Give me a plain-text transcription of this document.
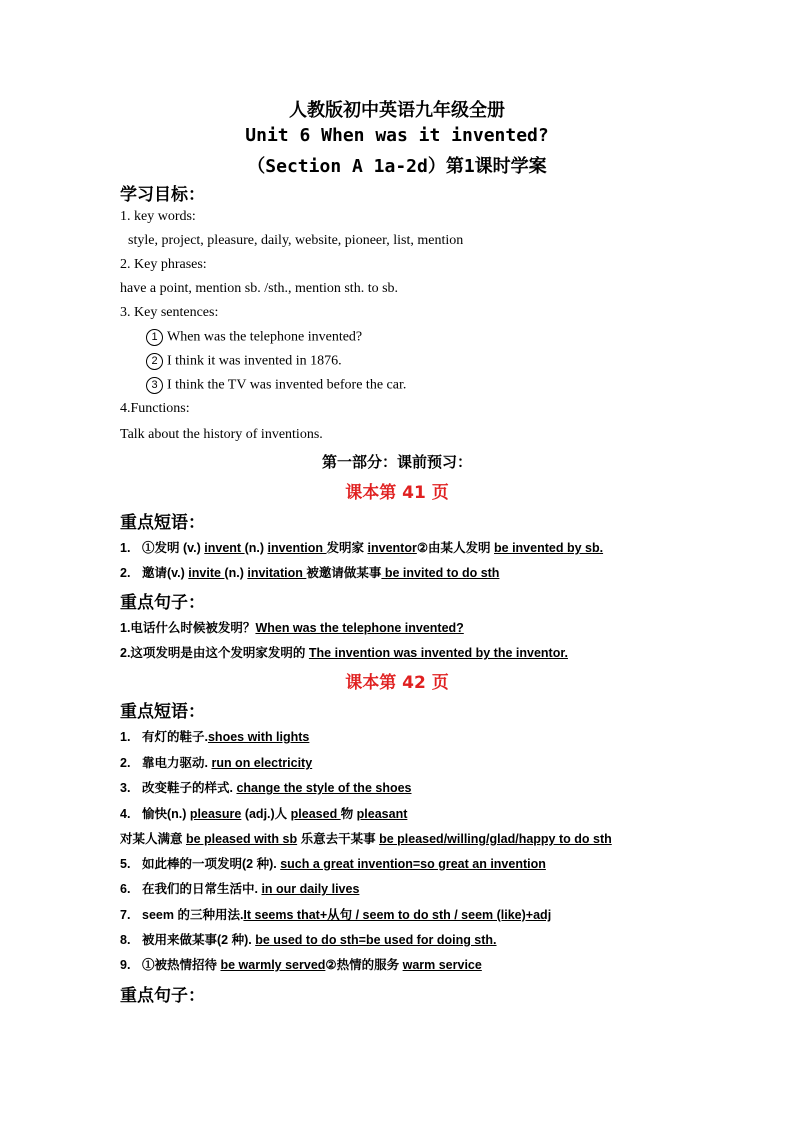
人教版初中英语九年级全册
Unit 6 When was it invented?
（Section A 1a-2d）第1课时学案
学习目标：
1. key words:
style, project, pleasure, daily, website, pioneer, list, mention
2. Key phrases:
have a point, mention sb. /sth., mention sth. to sb.
3. Key sentences:
1 When was the telephone invented?
2 I think it was invented in 1876.
3 I think the TV was invented before the car.
4.Functions:
Talk about the history of inventions.
第一部分：课前预习：
课本第 41 页
重点短语：
1. ①发明 (v.) invent (n.) invention 发明家 inventor②由某人发明 be invented by sb.
2. 邀请(v.) invite (n.) invitation 被邀请做某事 be invited to do sth
重点句子：
1.电话什么时候被发明？When was the telephone invented?
2.这项发明是由这个发明家发明的 The invention was invented by the inventor.
课本第 42 页
重点短语：
1. 有灯的鞋子.shoes with lights
2. 靠电力驱动. run on electricity
3. 改变鞋子的样式. change the style of the shoes
4. 愉快(n.) pleasure (adj.)人 pleased 物 pleasant
对某人满意 be pleased with sb 乐意去干某事 be pleased/willing/glad/happy to do sth
5. 如此棒的一项发明(2 种). such a great invention=so great an invention
6. 在我们的日常生活中. in our daily lives
7. seem 的三种用法.It seems that+从句 / seem to do sth / seem (like)+adj
8. 被用来做某事(2 种). be used to do sth=be used for doing sth.
9. ①被热情招待 be warmly served②热情的服务 warm service
重点句子：
